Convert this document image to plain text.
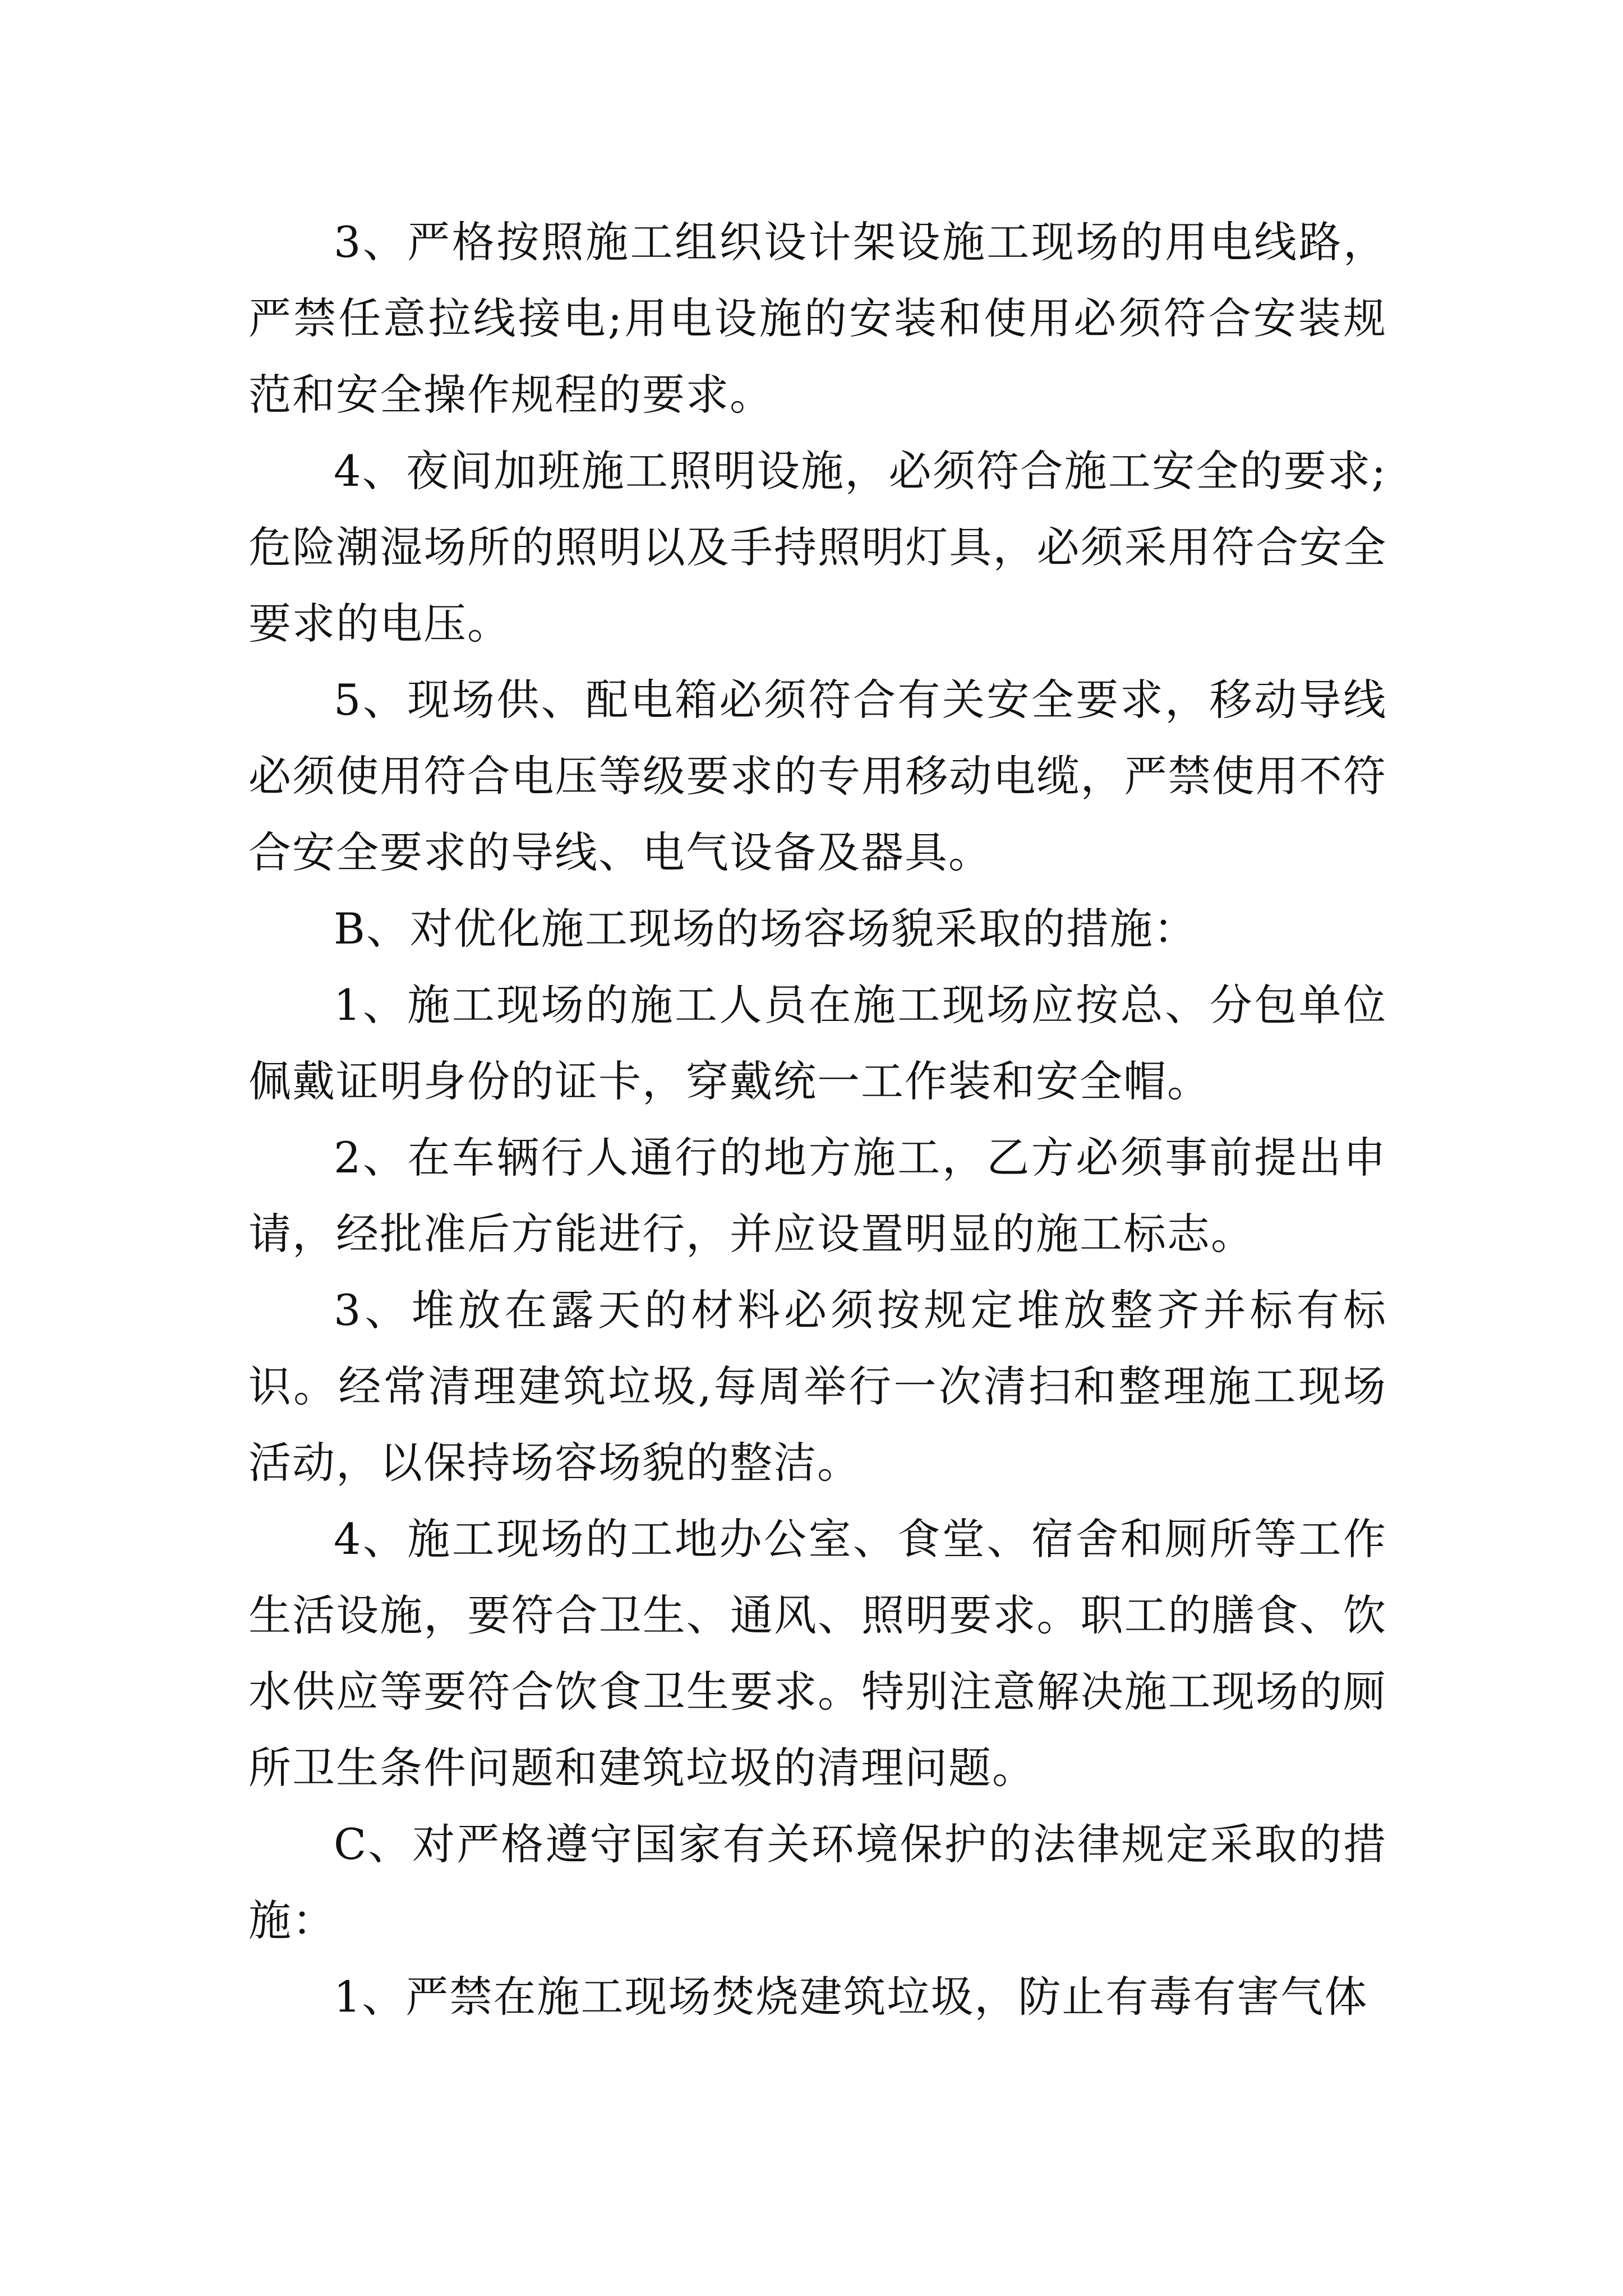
3、严格按照施工组织设计架设施工现场的用电线路，严禁任意拉线接电;用电设施的安装和使用必须符合安装规范和安全操作规程的要求。

4、夜间加班施工照明设施，必须符合施工安全的要求;危险潮湿场所的照明以及手持照明灯具，必须采用符合安全要求的电压。

5、现场供、配电箱必须符合有关安全要求，移动导线必须使用符合电压等级要求的专用移动电缆，严禁使用不符合安全要求的导线、电气设备及器具。

B、对优化施工现场的场容场貌采取的措施：

1、施工现场的施工人员在施工现场应按总、分包单位佩戴证明身份的证卡，穿戴统一工作装和安全帽。

2、在车辆行人通行的地方施工，乙方必须事前提出申请，经批准后方能进行，并应设置明显的施工标志。

3、堆放在露天的材料必须按规定堆放整齐并标有标识。经常清理建筑垃圾,每周举行一次清扫和整理施工现场活动，以保持场容场貌的整洁。

4、施工现场的工地办公室、食堂、宿舍和厕所等工作生活设施，要符合卫生、通风、照明要求。职工的膳食、饮水供应等要符合饮食卫生要求。特别注意解决施工现场的厕所卫生条件问题和建筑垃圾的清理问题。

C、对严格遵守国家有关环境保护的法律规定采取的措施：

1、严禁在施工现场焚烧建筑垃圾，防止有毒有害气体
